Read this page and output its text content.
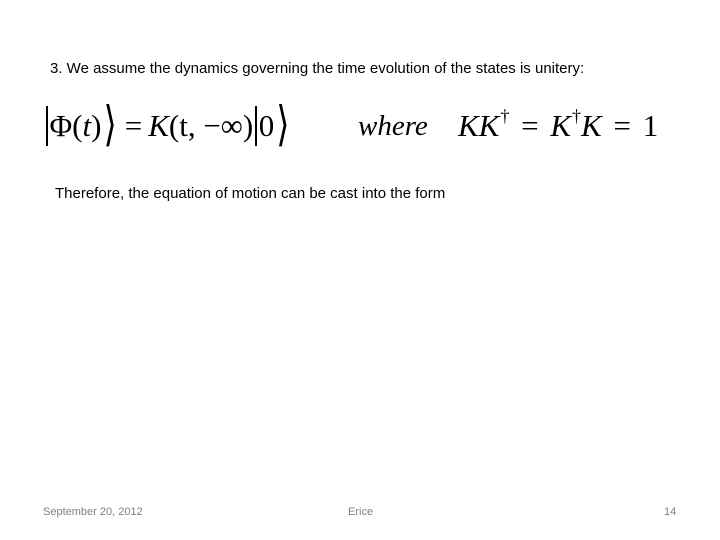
3. We assume the dynamics governing the time evolution of the states is unitery:
Φ ( t ) ⟩ = K (t, −∞) 0 ⟩ where KK† = K†K = 1
Therefore, the equation of motion can be cast into the form
September 20, 2012	Erice	14
